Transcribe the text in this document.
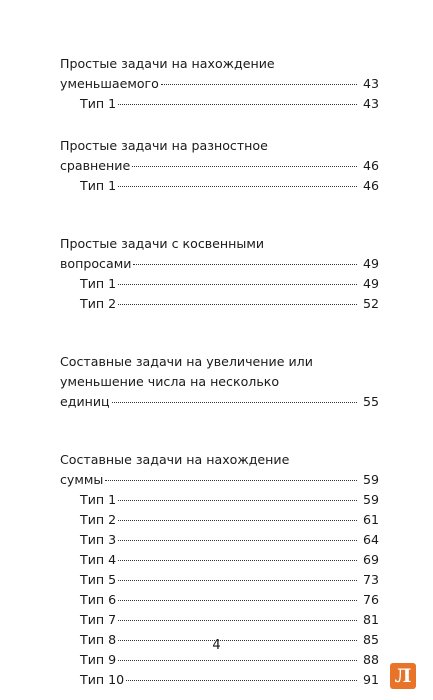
Простые задачи на нахождение
уменьшаемого	43
Тип 1	43
Простые задачи на разностное
сравнение	46
Тип 1	46
Простые задачи с косвенными
вопросами	49
Тип 1	49
Тип 2	52
Составные задачи на увеличение или
уменьшение числа на несколько
единиц	55
Составные задачи на нахождение
суммы	59
Тип 1	59
Тип 2	61
Тип 3	64
Тип 4	69
Тип 5	73
Тип 6	76
Тип 7	81
Тип 8	85
Тип 9	88
Тип 10	91
4
Л
